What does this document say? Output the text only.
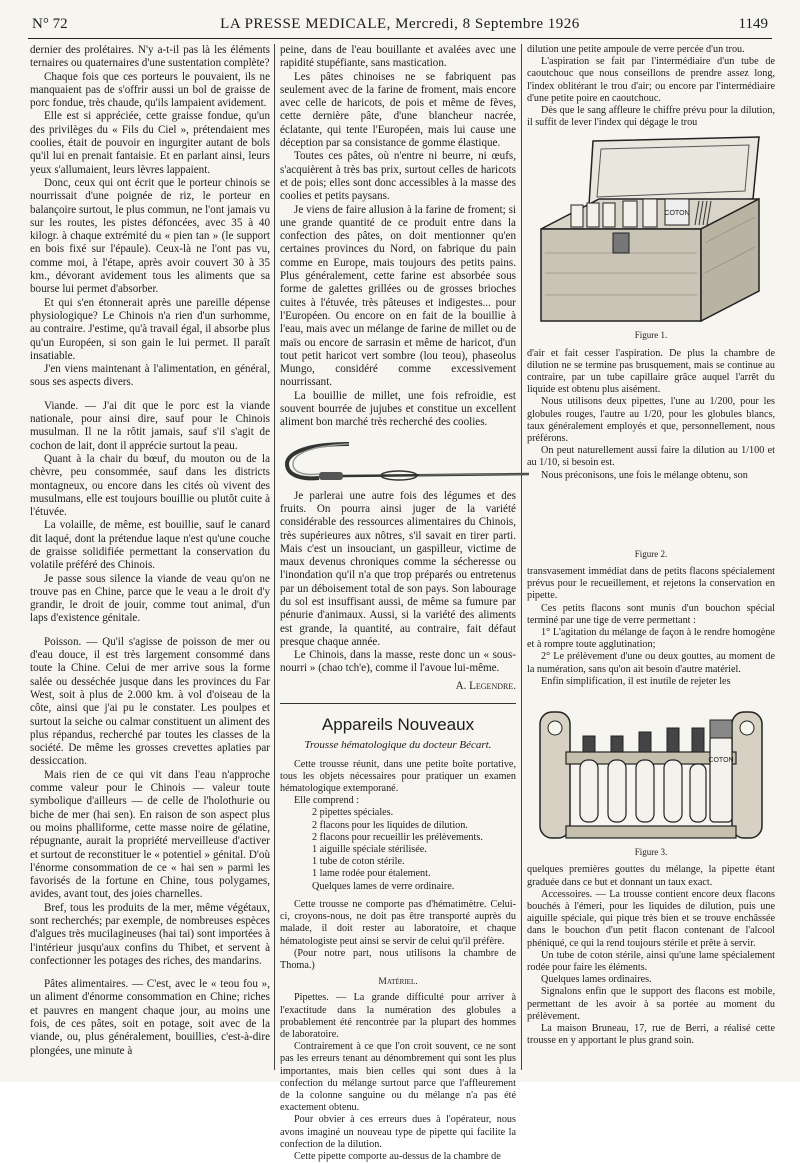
N° 72	LA PRESSE MEDICALE, Mercredi, 8 Septembre 1926	1149

dernier des prolétaires. N'y a-t-il pas là les éléments ternaires ou quaternaires d'une sustentation complète?

Chaque fois que ces porteurs le pouvaient, ils ne manquaient pas de s'offrir aussi un bol de graisse de porc fondue, très chaude, qu'ils lampaient avidement.

Elle est si appréciée, cette graisse fondue, qu'un des privilèges du « Fils du Ciel », prétendaient mes coolies, était de pouvoir en ingurgiter autant de bols qu'il lui en prenait fantaisie. Et en parlant ainsi, leurs yeux s'allumaient, leurs lèvres lappaient.

Donc, ceux qui ont écrit que le porteur chinois se nourrissait d'une poignée de riz, le porteur en balançoire surtout, le plus commun, ne l'ont jamais vu sur les routes, les pistes défoncées, avec 35 à 40 kilogr. à chaque extrémité du « pien tan » (le support en bois fixé sur l'épaule). Ceux-là ne l'ont pas vu, comme moi, à l'étape, après avoir couvert 30 à 35 km., dévorant avidement tous les aliments que sa bourse lui permet d'absorber.

Et qui s'en étonnerait après une pareille dépense physiologique? Le Chinois n'a rien d'un surhomme, au contraire. J'estime, qu'à travail égal, il absorbe plus qu'un Européen, si son gain le lui permet. Il paraît insatiable.

J'en viens maintenant à l'alimentation, en général, sous ses aspects divers.

Viande. — J'ai dit que le porc est la viande nationale, pour ainsi dire, sauf pour le Chinois musulman. Il ne la rôtit jamais, sauf s'il s'agit de cochon de lait, dont il apprécie surtout la peau.

Quant à la chair du bœuf, du mouton ou de la chèvre, peu consommée, sauf dans les districts montagneux, ou encore dans les cités où vivent des musulmans, elle est toujours bouillie ou plutôt cuite à l'étuvée.

La volaille, de même, est bouillie, sauf le canard dit laqué, dont la prétendue laque n'est qu'une couche de graisse solidifiée permettant la conservation du volatile préféré des Chinois.

Je passe sous silence la viande de veau qu'on ne trouve pas en Chine, parce que le veau a le droit d'y grandir, le droit de jouir, comme tout animal, d'un laps d'existence génitale.

Poisson. — Qu'il s'agisse de poisson de mer ou d'eau douce, il est très largement consommé dans toute la Chine. Celui de mer arrive sous la forme salée ou desséchée jusque dans les provinces du Far West, soit à plus de 2.000 km. à vol d'oiseau de la côte, ainsi que j'ai pu le constater. Les poulpes et surtout la seiche ou calmar constituent un aliment des plus répandus, recherché par toutes les classes de la société. De même les grosses crevettes aplaties par dessiccation.

Mais rien de ce qui vit dans l'eau n'approche comme valeur pour le Chinois — valeur toute symbolique d'ailleurs — de celle de l'holothurie ou biche de mer (hai sen). En raison de son aspect plus ou moins phalliforme, cette masse noire de gélatine, répugnante, aurait la propriété merveilleuse d'activer et surtout de reconstituer le « potentiel » génital. D'où l'énorme consommation de ce « hai sen » parmi les favorisés de la fortune en Chine, tous polygames, avides, avant tout, des joies charnelles.

Bref, tous les produits de la mer, même végétaux, sont recherchés; par exemple, de nombreuses espèces d'algues très mucilagineuses (hai tai) sont importées à l'intérieur jusqu'aux confins du Thibet, et servent à confectionner les potages des riches, des mandarins.

Pâtes alimentaires. — C'est, avec le « teou fou », un aliment d'énorme consommation en Chine; riches et pauvres en mangent chaque jour, au moins une fois, de ces pâtes, soit en potage, soit avec de la viande, ou, plus généralement, bouillies, c'est-à-dire plongées, une minute à

peine, dans de l'eau bouillante et avalées avec une rapidité stupéfiante, sans mastication.

Les pâtes chinoises ne se fabriquent pas seulement avec de la farine de froment, mais encore avec celle de haricots, de pois et même de fèves, cette dernière pâte, d'une blancheur nacrée, éclatante, qui tente l'Européen, mais lui cause une déception par sa consistance de gomme élastique.

Toutes ces pâtes, où n'entre ni beurre, ni œufs, s'acquièrent à très bas prix, surtout celles de haricots et de pois; elles sont donc accessibles à la masse des coolies et petits paysans.

Je viens de faire allusion à la farine de froment; si une grande quantité de ce produit entre dans la confection des pâtes, on doit mentionner qu'en certaines provinces du Nord, on fabrique du pain comme en Europe, mais toujours des petits pains. Plus généralement, cette farine est absorbée sous forme de galettes grillées ou de grosses brioches cuites à l'étuvée, très pâteuses et indigestes... pour l'Européen. Ou encore on en fait de la bouillie à l'eau, mais avec un mélange de farine de millet ou de maïs ou encore de sarrasin et même de haricot, d'un tout petit haricot vert sombre (lou teou), phaseolus Mungo, considéré comme excessivement nourrissant.

La bouillie de millet, une fois refroidie, est souvent bourrée de jujubes et constitue un excellent aliment bon marché très recherché des coolies.

Je parlerai une autre fois des légumes et des fruits. On pourra ainsi juger de la variété considérable des ressources alimentaires du Chinois, très supérieures aux nôtres, s'il savait en tirer parti. Mais c'est un insouciant, un gaspilleur, victime de maux devenus chroniques comme la sécheresse ou l'inondation qu'il n'a que trop préparés ou entretenus par un déboisement total de son pays. Son labourage du sol est insuffisant aussi, de même sa fumure par pénurie d'animaux. Aussi, si la variété des aliments est grande, la quantité, au contraire, fait défaut presque chaque année.

Le Chinois, dans la masse, reste donc un « sous-nourri » (chao tch'e), comme il l'avoue lui-même.

A. Legendre.
Appareils Nouveaux
Trousse hématologique du docteur Bécart.

Cette trousse réunit, dans une petite boîte portative, tous les objets nécessaires pour pratiquer un examen hématologique extemporané.

Elle comprend :

2 pipettes spéciales.
2 flacons pour les liquides de dilution.
2 flacons pour recueillir les prélèvements.
1 aiguille spéciale stérilisée.
1 tube de coton stérile.
1 lame rodée pour étalement.
Quelques lames de verre ordinaire.

Cette trousse ne comporte pas d'hématimètre. Celui-ci, croyons-nous, ne doit pas être transporté auprès du malade, il doit rester au laboratoire, et chaque hématologiste peut ainsi se servir de celui qu'il préfère.

(Pour notre part, nous utilisons la chambre de Thoma.)

Matériel.

Pipettes. — La grande difficulté pour arriver à l'exactitude dans la numération des globules a probablement été rencontrée par la plupart des hommes de laboratoire.

Contrairement à ce que l'on croit souvent, ce ne sont pas les erreurs tenant au dénombrement qui sont les plus importantes, mais bien celles qui sont dues à la confection du mélange surtout parce que l'affleurement de la colonne sanguine ou du mélange n'a pas été exactement obtenu.

Pour obvier à ces erreurs dues à l'opérateur, nous avons imaginé un nouveau type de pipette qui facilite la confection de la dilution.

Cette pipette comporte au-dessus de la chambre de

dilution une petite ampoule de verre percée d'un trou.

L'aspiration se fait par l'intermédiaire d'un tube de caoutchouc que nous conseillons de prendre assez long, l'index oblitérant le trou d'air; ou encore par l'intermédiaire d'une petite poire en caoutchouc.

Dès que le sang affleure le chiffre prévu pour la dilution, il suffit de lever l'index qui dégage le trou

COTON
Figure 1.

d'air et fait cesser l'aspiration. De plus la chambre de dilution ne se termine pas brusquement, mais se continue au contraire, par un tube capillaire grâce auquel l'arrêt du liquide est obtenu plus aisément.

Nous utilisons deux pipettes, l'une au 1/200, pour les globules rouges, l'autre au 1/20, pour les globules blancs, taux généralement employés et que, personnellement, nous préférons.

On peut naturellement aussi faire la dilution au 1/100 et au 1/10, si besoin est.

Nous préconisons, une fois le mélange obtenu, son

Figure 2.

transvasement immédiat dans de petits flacons spécialement prévus pour le recueillement, et rejetons la conservation en pipette.

Ces petits flacons sont munis d'un bouchon spécial terminé par une tige de verre permettant :

1° L'agitation du mélange de façon à le rendre homogène et à rompre toute agglutination;

2° Le prélèvement d'une ou deux gouttes, au moment de la numération, sans qu'on ait besoin d'autre matériel.

Enfin simplification, il est inutile de rejeter les

COTON
Figure 3.

quelques premières gouttes du mélange, la pipette étant graduée dans ce but et donnant un taux exact.

Accessoires. — La trousse contient encore deux flacons bouchés à l'émeri, pour les liquides de dilution, puis une aiguille spéciale, qui pique très bien et se trouve enchâssée dans le bouchon d'un petit flacon contenant de l'alcool phéniqué, ce qui la rend toujours stérile et prête à servir.

Un tube de coton stérile, ainsi qu'une lame spécialement rodée pour faire les éléments.

Quelques lames ordinaires.

Signalons enfin que le support des flacons est mobile, permettant de les avoir à sa portée au moment du prélèvement.

La maison Bruneau, 17, rue de Berri, a réalisé cette trousse en y apportant le plus grand soin.
